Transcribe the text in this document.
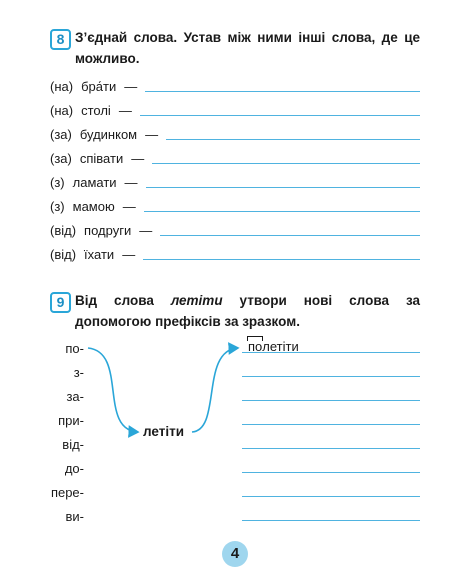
8 З’єднай слова. Устав між ними інші слова, де це можливо.
(на) бра́ти —
(на) столі —
(за) будинком —
(за) співати —
(з) ламати —
(з) мамою —
(від) подруги —
(від) їхати —
9 Від слова летіти утвори нові слова за допомогою префіксів за зразком.
по-
з-
за-
при-
від-
до-
пере-
ви-
летіти
полетіти
4
